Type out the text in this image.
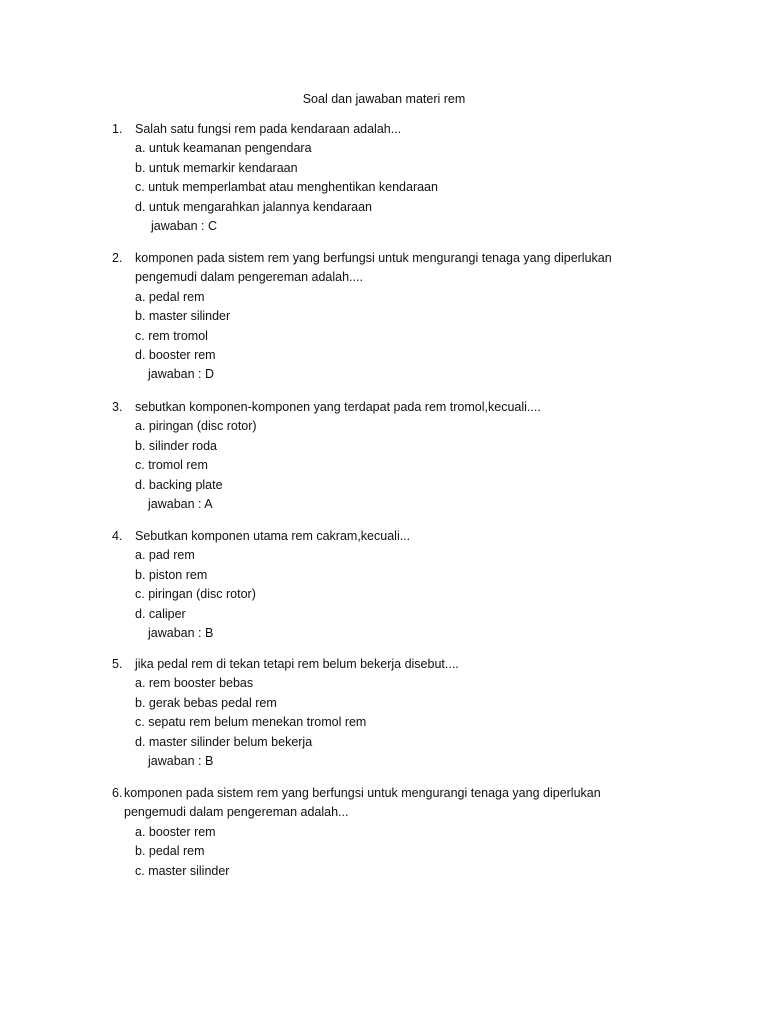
Soal dan jawaban materi rem
1.	Salah satu fungsi rem pada kendaraan adalah...
a. untuk keamanan pengendara
b. untuk memarkir kendaraan
c. untuk memperlambat atau menghentikan kendaraan
d. untuk mengarahkan jalannya kendaraan
jawaban : C
2.	komponen pada sistem rem yang berfungsi untuk mengurangi tenaga yang diperlukan pengemudi dalam pengereman adalah....
a. pedal rem
b. master silinder
c. rem tromol
d. booster rem
jawaban : D
3.	sebutkan komponen-komponen yang terdapat pada rem tromol,kecuali....
a. piringan (disc rotor)
b. silinder roda
c. tromol rem
d. backing plate
jawaban : A
4.	Sebutkan komponen utama rem cakram,kecuali...
a. pad rem
b. piston rem
c. piringan (disc rotor)
d. caliper
jawaban : B
5.	jika pedal rem di tekan tetapi rem belum bekerja disebut....
a. rem booster bebas
b. gerak bebas pedal rem
c. sepatu rem belum menekan tromol rem
d. master silinder belum bekerja
jawaban : B
6. komponen pada sistem rem yang berfungsi untuk mengurangi tenaga yang diperlukan pengemudi dalam pengereman adalah...
a. booster rem
b. pedal rem
c. master silinder
